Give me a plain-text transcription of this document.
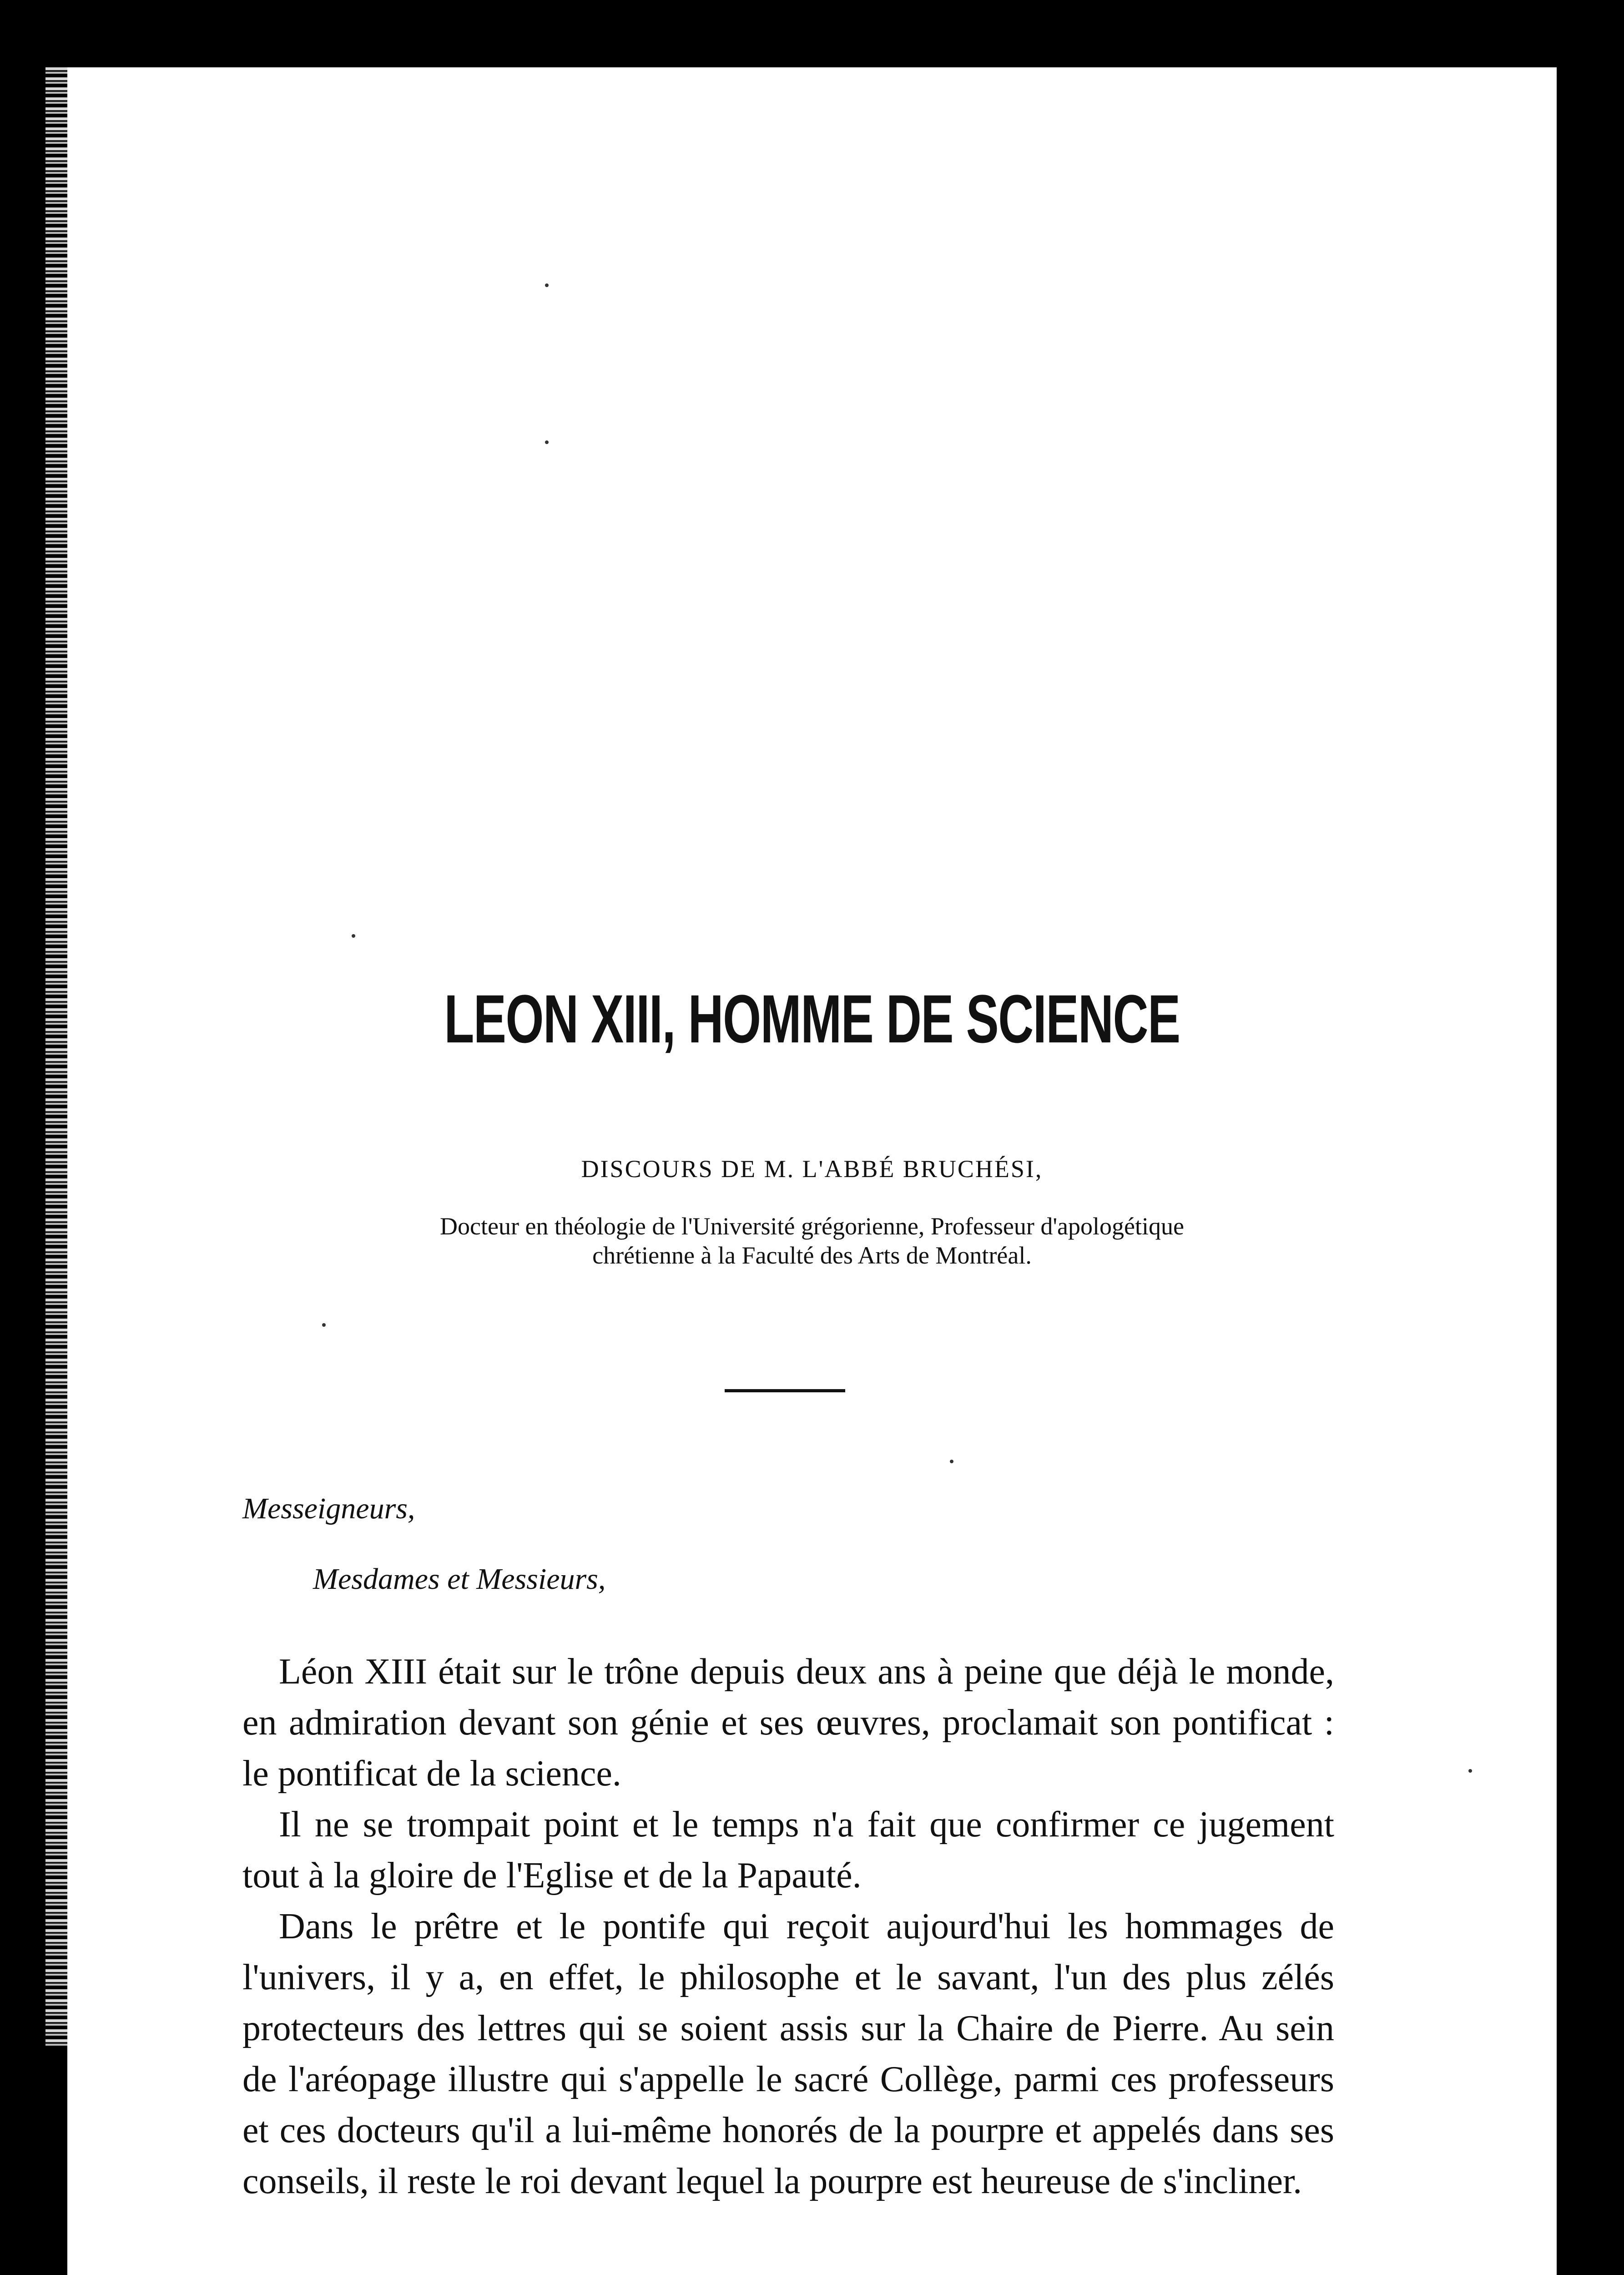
LEON XIII, HOMME DE SCIENCE

DISCOURS DE M. L'ABBÉ BRUCHÉSI,

Docteur en théologie de l'Université grégorienne, Professeur d'apologétique
chrétienne à la Faculté des Arts de Montréal.

Messeigneurs,

Mesdames et Messieurs,

Léon XIII était sur le trône depuis deux ans à peine que déjà le monde, en admiration devant son génie et ses œuvres, proclamait son pontificat : le pontificat de la science.

Il ne se trompait point et le temps n'a fait que confirmer ce jugement tout à la gloire de l'Eglise et de la Papauté.

Dans le prêtre et le pontife qui reçoit aujourd'hui les hommages de l'univers, il y a, en effet, le philosophe et le savant, l'un des plus zélés protecteurs des lettres qui se soient assis sur la Chaire de Pierre. Au sein de l'aréopage illustre qui s'appelle le sacré Collège, parmi ces professeurs et ces docteurs qu'il a lui-même honorés de la pourpre et appelés dans ses conseils, il reste le roi devant lequel la pourpre est heureuse de s'incliner.
